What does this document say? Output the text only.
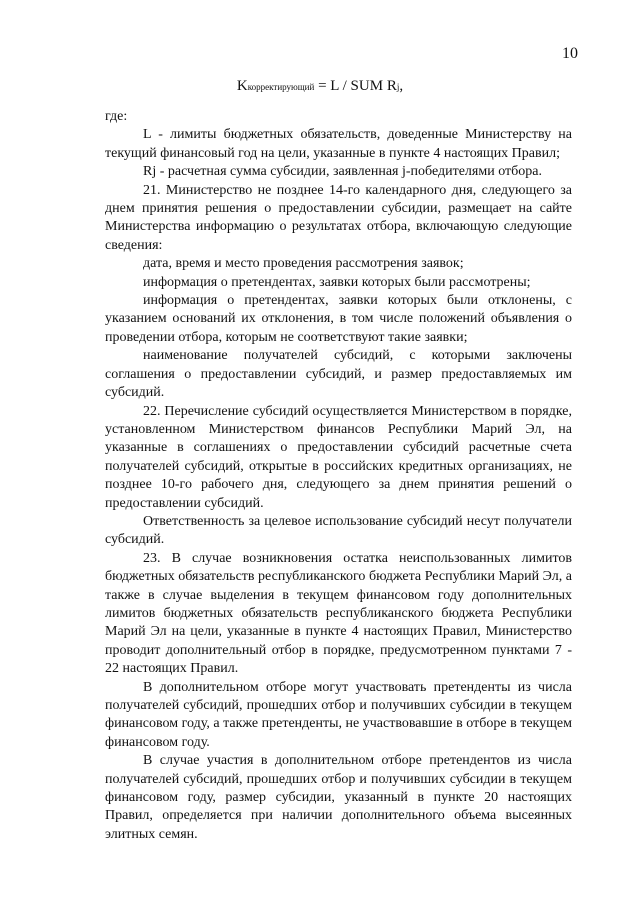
10
Kкорректирующий = L / SUM Rj,

где:

L - лимиты бюджетных обязательств, доведенные Министерству на текущий финансовый год на цели, указанные в пункте 4 настоящих Правил;

Rj - расчетная сумма субсидии, заявленная j-победителями отбора.

21. Министерство не позднее 14-го календарного дня, следующего за днем принятия решения о предоставлении субсидии, размещает на сайте Министерства информацию о результатах отбора, включающую следующие сведения:

дата, время и место проведения рассмотрения заявок;

информация о претендентах, заявки которых были рассмотрены;

информация о претендентах, заявки которых были отклонены, с указанием оснований их отклонения, в том числе положений объявления о проведении отбора, которым не соответствуют такие заявки;

наименование получателей субсидий, с которыми заключены соглашения о предоставлении субсидий, и размер предоставляемых им субсидий.

22. Перечисление субсидий осуществляется Министерством в порядке, установленном Министерством финансов Республики Марий Эл, на указанные в соглашениях о предоставлении субсидий расчетные счета получателей субсидий, открытые в российских кредитных организациях, не позднее 10-го рабочего дня, следующего за днем принятия решений о предоставлении субсидий.

Ответственность за целевое использование субсидий несут получатели субсидий.

23. В случае возникновения остатка неиспользованных лимитов бюджетных обязательств республиканского бюджета Республики Марий Эл, а также в случае выделения в текущем финансовом году дополнительных лимитов бюджетных обязательств республиканского бюджета Республики Марий Эл на цели, указанные в пункте 4 настоящих Правил, Министерство проводит дополнительный отбор в порядке, предусмотренном пунктами 7 - 22 настоящих Правил.

В дополнительном отборе могут участвовать претенденты из числа получателей субсидий, прошедших отбор и получивших субсидии в текущем финансовом году, а также претенденты, не участвовавшие в отборе в текущем финансовом году.

В случае участия в дополнительном отборе претендентов из числа получателей субсидий, прошедших отбор и получивших субсидии в текущем финансовом году, размер субсидии, указанный в пункте 20 настоящих Правил, определяется при наличии дополнительного объема высеянных элитных семян.
